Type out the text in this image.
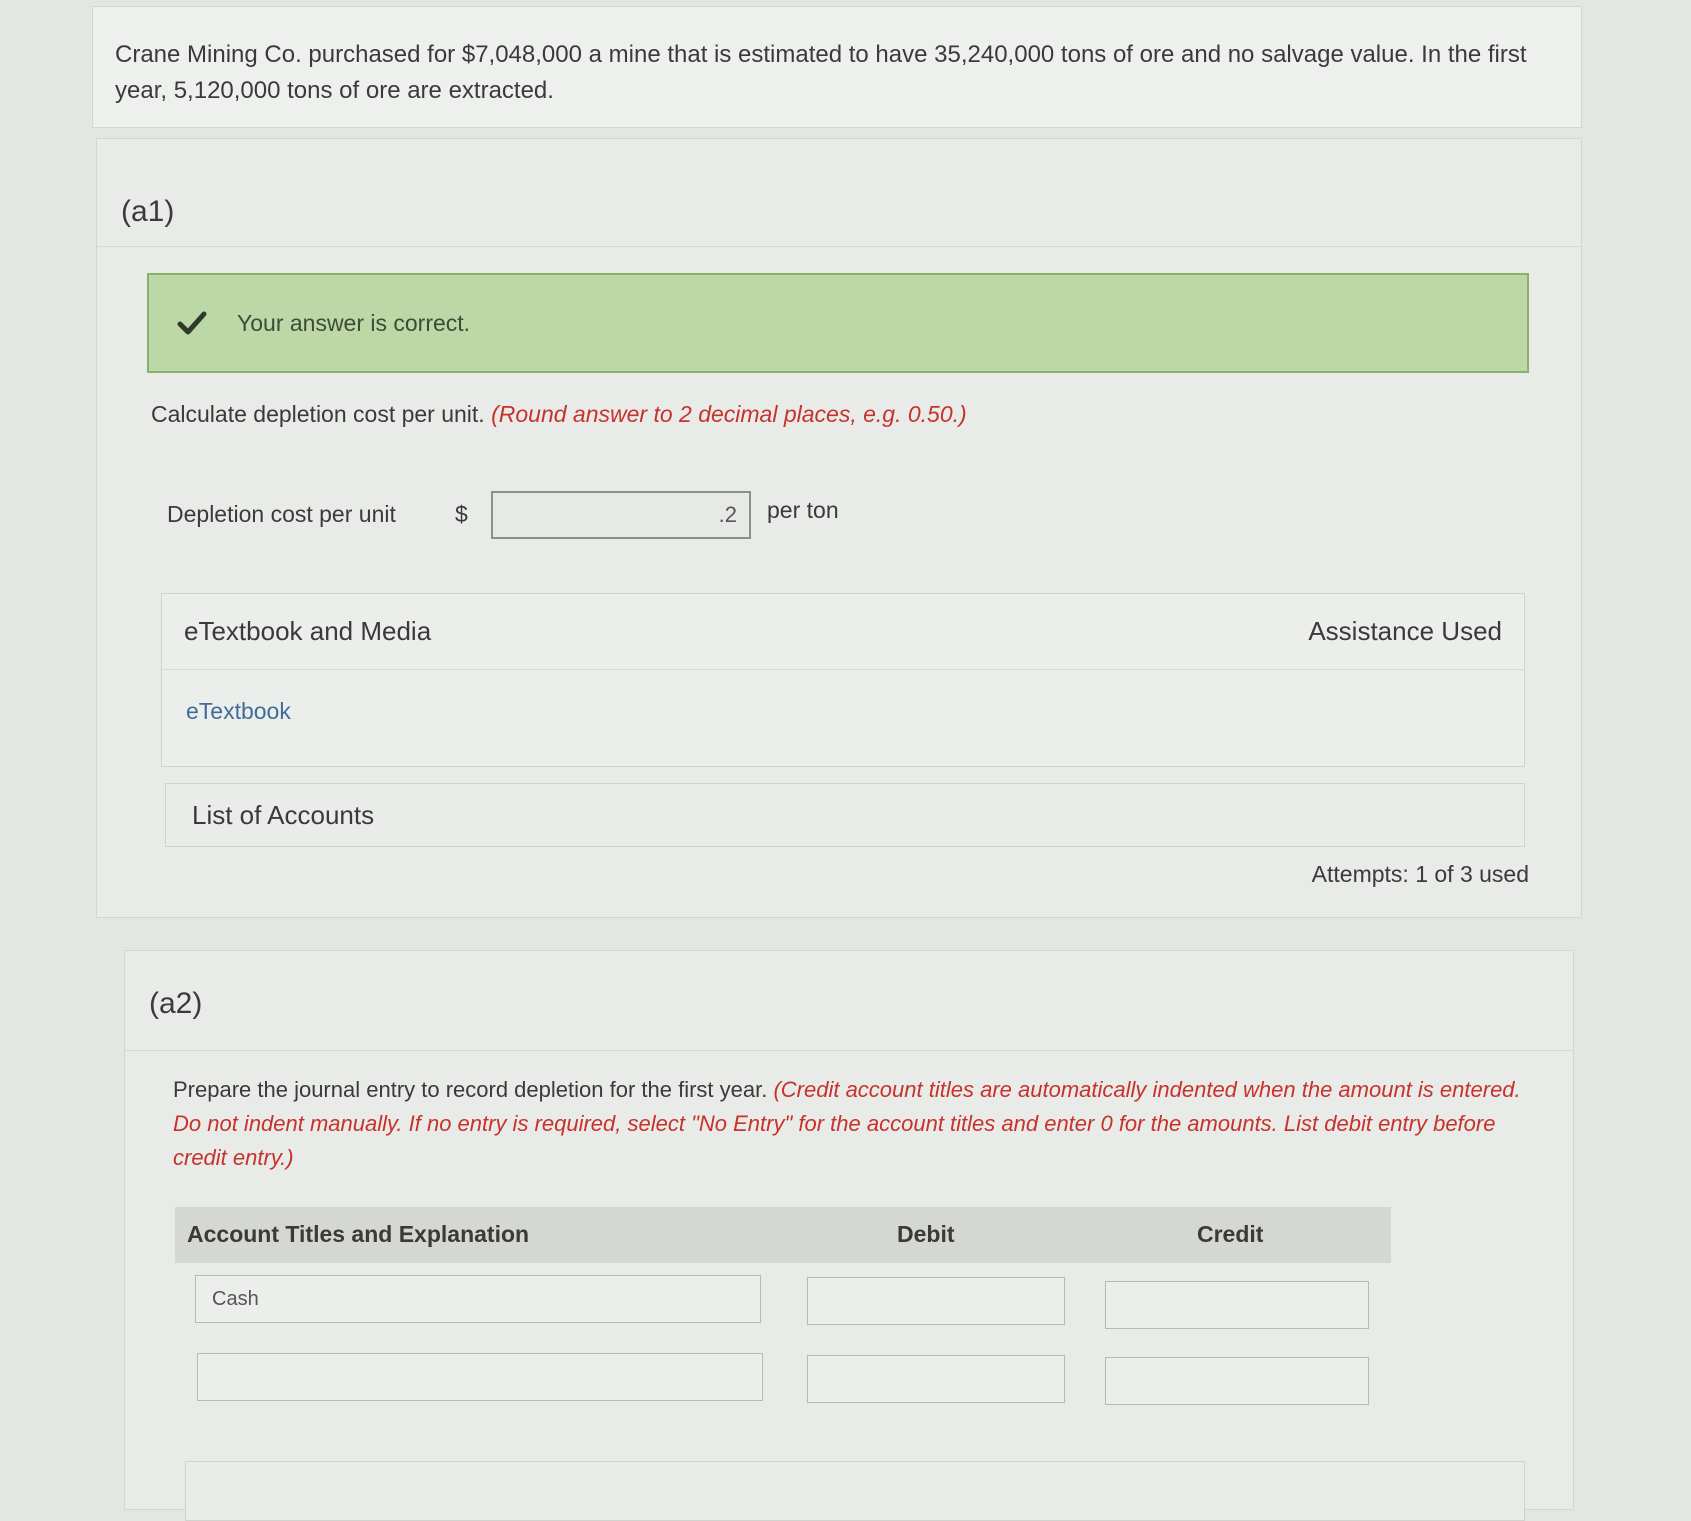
Crane Mining Co. purchased for $7,048,000 a mine that is estimated to have 35,240,000 tons of ore and no salvage value. In the first year, 5,120,000 tons of ore are extracted.
(a1)
Your answer is correct.
Calculate depletion cost per unit. (Round answer to 2 decimal places, e.g. 0.50.)
Depletion cost per unit	$
.2	per ton
eTextbook and Media	Assistance Used
eTextbook
List of Accounts
Attempts: 1 of 3 used
(a2)
Prepare the journal entry to record depletion for the first year. (Credit account titles are automatically indented when the amount is entered. Do not indent manually. If no entry is required, select "No Entry" for the account titles and enter 0 for the amounts. List debit entry before credit entry.)
Account Titles and Explanation	Debit	Credit
Cash
